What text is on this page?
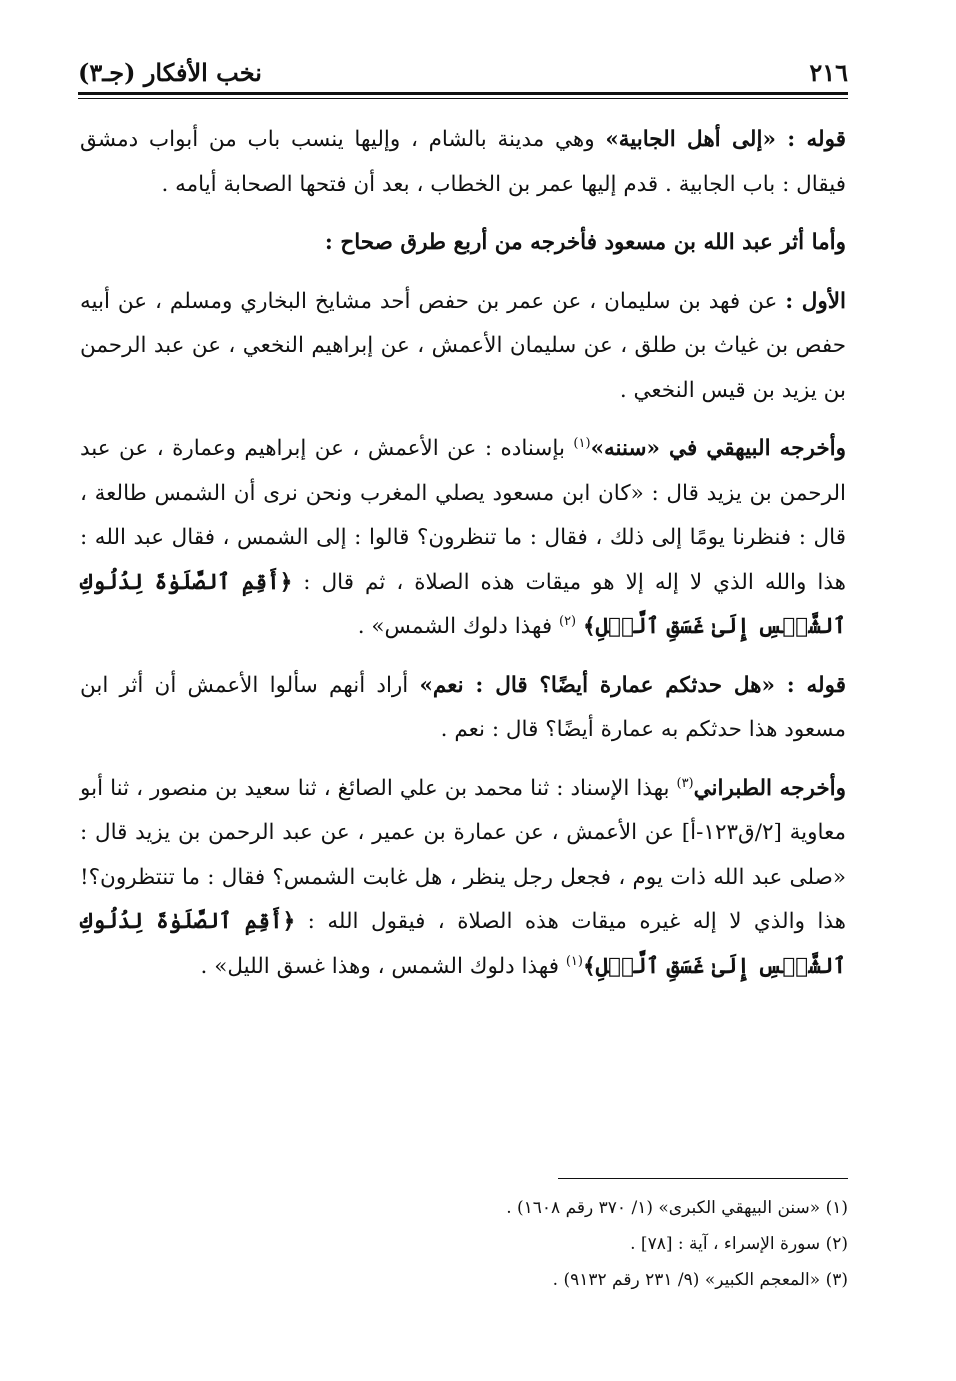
٢١٦
نخب الأفكار (جـ٣)

قوله : «إلى أهل الجابية» وهي مدينة بالشام ، وإليها ينسب باب من أبواب دمشق فيقال : باب الجابية . قدم إليها عمر بن الخطاب ، بعد أن فتحها الصحابة أيامه .

وأما أثر عبد الله بن مسعود فأخرجه من أربع طرق صحاح :

الأول : عن فهد بن سليمان ، عن عمر بن حفص أحد مشايخ البخاري ومسلم ، عن أبيه حفص بن غياث بن طلق ، عن سليمان الأعمش ، عن إبراهيم النخعي ، عن عبد الرحمن بن يزيد بن قيس النخعي .

وأخرجه البيهقي في «سننه»$^{(١)}$ بإسناده : عن الأعمش ، عن إبراهيم وعمارة ، عن عبد الرحمن بن يزيد قال : «كان ابن مسعود يصلي المغرب ونحن نرى أن الشمس طالعة ، قال : فنظرنا يومًا إلى ذلك ، فقال : ما تنظرون؟ قالوا : إلى الشمس ، فقال عبد الله : هذا والله الذي لا إله إلا هو ميقات هذه الصلاة ، ثم قال : ﴿أَقِمِ ٱلصَّلَوٰةَ لِدُلُوكِ ٱلشَّمۡسِ إِلَىٰ غَسَقِ ٱلَّيۡلِ﴾ $^{(٢)}$ فهذا دلوك الشمس» .

قوله : «هل حدثكم عمارة أيضًا؟ قال : نعم» أراد أنهم سألوا الأعمش أن أثر ابن مسعود هذا حدثكم به عمارة أيضًا؟ قال : نعم .

وأخرجه الطبراني$^{(٣)}$ بهذا الإسناد : ثنا محمد بن علي الصائغ ، ثنا سعيد بن منصور ، ثنا أبو معاوية [٢/ق١٢٣-أ] عن الأعمش ، عن عمارة بن عمير ، عن عبد الرحمن بن يزيد قال : «صلى عبد الله ذات يوم ، فجعل رجل ينظر ، هل غابت الشمس؟ فقال : ما تنتظرون؟! هذا والذي لا إله غيره ميقات هذه الصلاة ، فيقول الله : ﴿أَقِمِ ٱلصَّلَوٰةَ لِدُلُوكِ ٱلشَّمۡسِ إِلَىٰ غَسَقِ ٱلَّيۡلِ﴾$^{(١)}$ فهذا دلوك الشمس ، وهذا غسق الليل» .

(١) «سنن البيهقي الكبرى» (١/ ٣٧٠ رقم ١٦٠٨) .
(٢) سورة الإسراء ، آية : [٧٨] .
(٣) «المعجم الكبير» (٩/ ٢٣١ رقم ٩١٣٢) .
